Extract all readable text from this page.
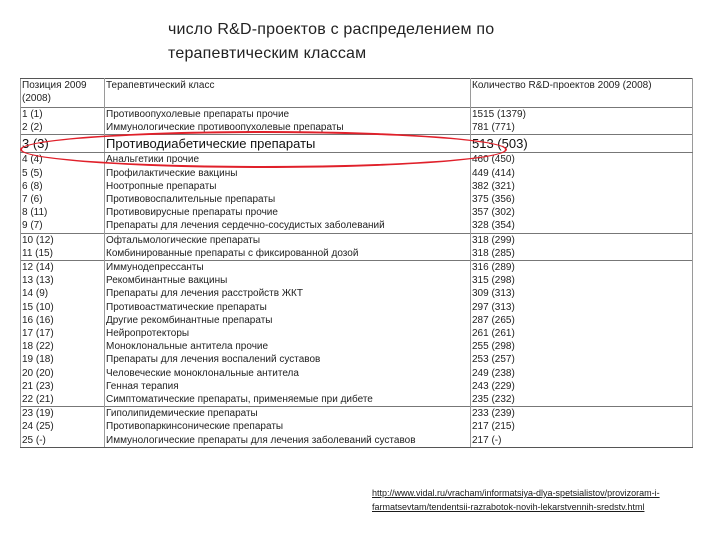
число R&D-проектов с распределением по терапевтическим классам
Позиция 2009 (2008)	Терапевтический класс	Количество R&D-проектов 2009 (2008)
1 (1)	Противоопухолевые препараты прочие	1515 (1379)
2 (2)	Иммунологические противоопухолевые препараты	781 (771)
3 (3)	Противодиабетические препараты	513 (503)
4 (4)	Анальгетики прочие	460 (450)
5 (5)	Профилактические вакцины	449 (414)
6 (8)	Ноотропные препараты	382 (321)
7 (6)	Противовоспалительные препараты	375 (356)
8 (11)	Противовирусные препараты прочие	357 (302)
9 (7)	Препараты для лечения сердечно-сосудистых заболеваний	328 (354)
10 (12)	Офтальмологические препараты	318 (299)
11 (15)	Комбинированные препараты с фиксированной дозой	318 (285)
12 (14)	Иммунодепрессанты	316 (289)
13 (13)	Рекомбинантные вакцины	315 (298)
14 (9)	Препараты для лечения расстройств ЖКТ	309 (313)
15 (10)	Противоастматические препараты	297 (313)
16 (16)	Другие рекомбинантные препараты	287 (265)
17 (17)	Нейропротекторы	261 (261)
18 (22)	Моноклональные антитела прочие	255 (298)
19 (18)	Препараты для лечения воспалений суставов	253 (257)
20 (20)	Человеческие моноклональные антитела	249 (238)
21 (23)	Генная терапия	243 (229)
22 (21)	Симптоматические препараты, применяемые при дибете	235 (232)
23 (19)	Гиполипидемические препараты	233 (239)
24 (25)	Противопаркинсонические препараты	217 (215)
25 (-)	Иммунологические препараты для лечения заболеваний суставов	217 (-)
http://www.vidal.ru/vracham/informatsiya-dlya-spetsialistov/provizoram-i-farmatsevtam/tendentsii-razrabotok-novih-lekarstvennih-sredstv.html
